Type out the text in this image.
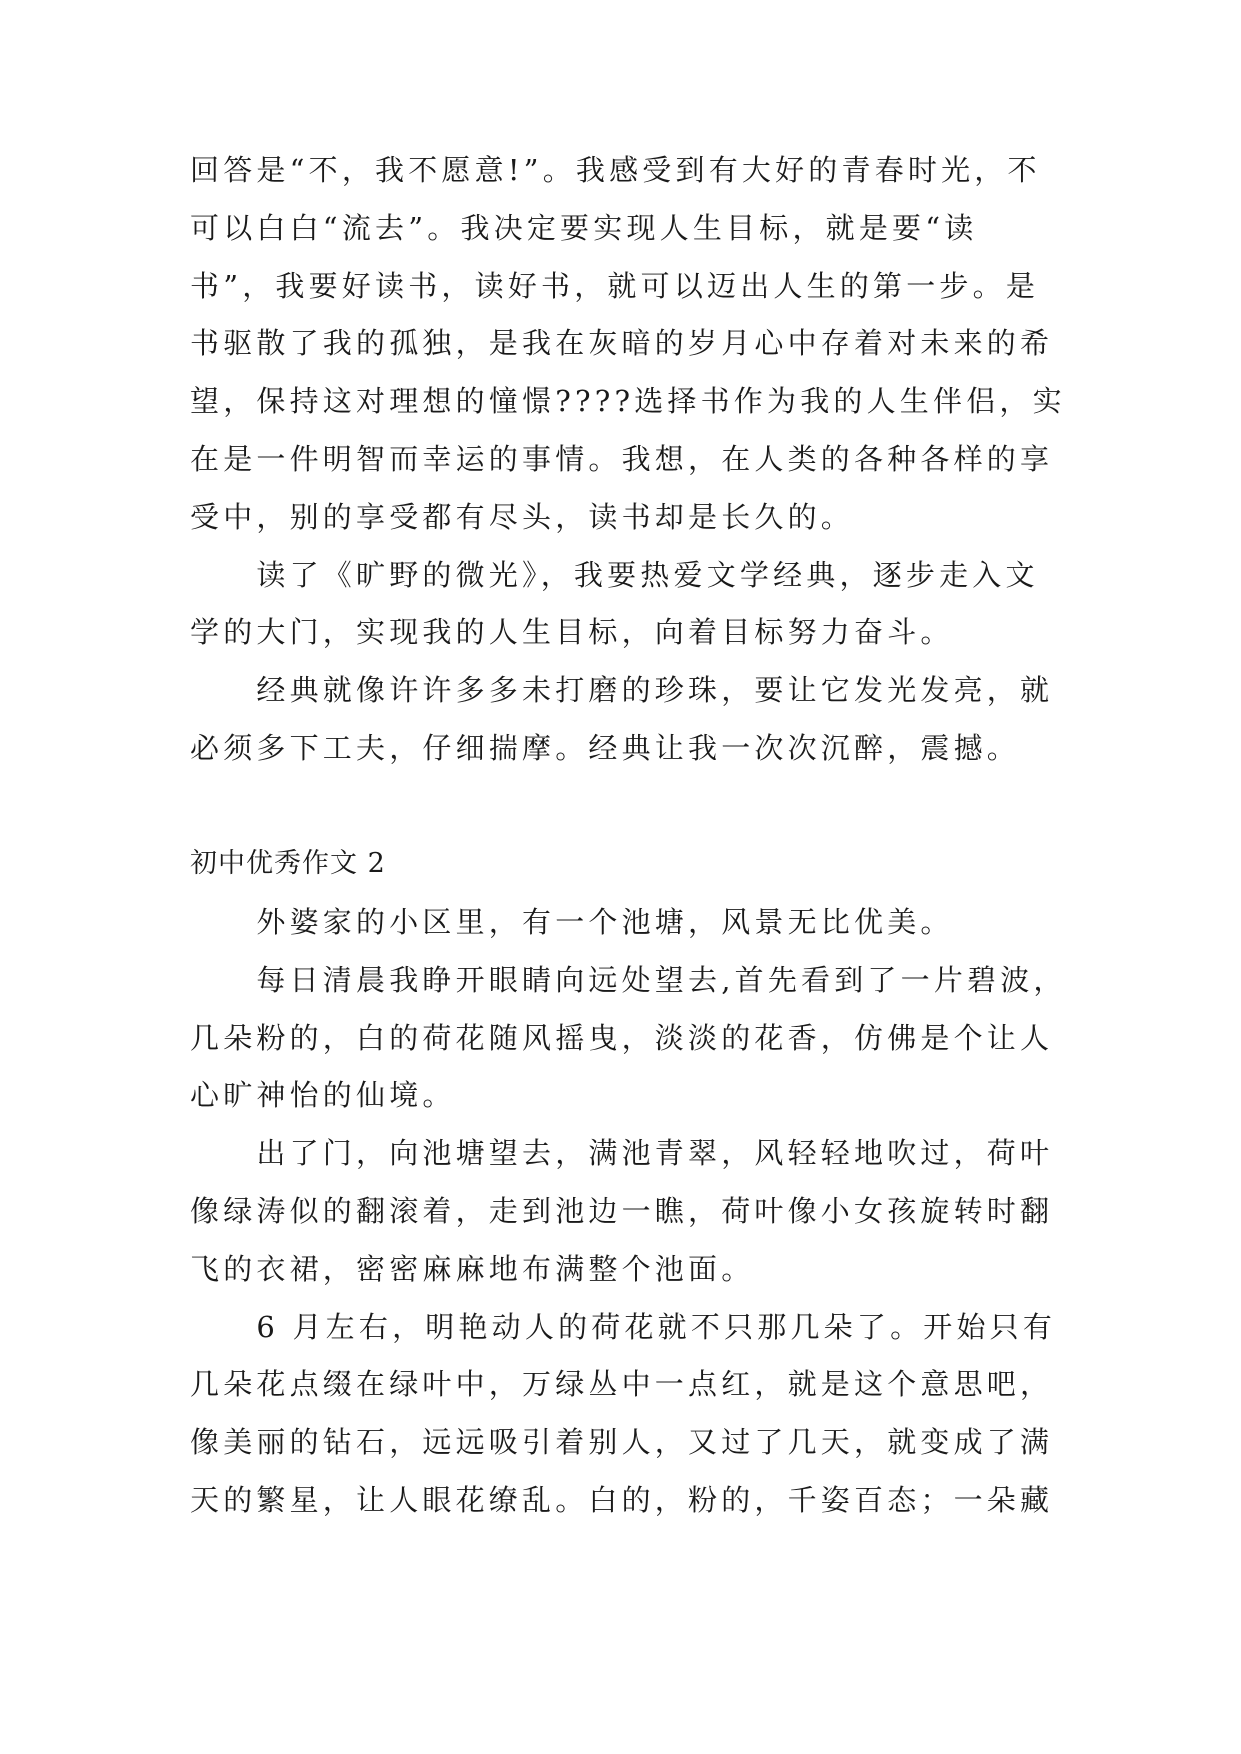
回答是“不，我不愿意!”。我感受到有大好的青春时光，不
可以白白“流去”。我决定要实现人生目标，就是要“读
书”，我要好读书，读好书，就可以迈出人生的第一步。是
书驱散了我的孤独，是我在灰暗的岁月心中存着对未来的希
望，保持这对理想的憧憬????选择书作为我的人生伴侣，实
在是一件明智而幸运的事情。我想，在人类的各种各样的享
受中，别的享受都有尽头，读书却是长久的。
　　读了《旷野的微光》，我要热爱文学经典，逐步走入文
学的大门，实现我的人生目标，向着目标努力奋斗。
　　经典就像许许多多未打磨的珍珠，要让它发光发亮，就
必须多下工夫，仔细揣摩。经典让我一次次沉醉，震撼。
初中优秀作文 2
　　外婆家的小区里，有一个池塘，风景无比优美。
　　每日清晨我睁开眼睛向远处望去,首先看到了一片碧波，
几朵粉的，白的荷花随风摇曳，淡淡的花香，仿佛是个让人
心旷神怡的仙境。
　　出了门，向池塘望去，满池青翠，风轻轻地吹过，荷叶
像绿涛似的翻滚着，走到池边一瞧，荷叶像小女孩旋转时翻
飞的衣裙，密密麻麻地布满整个池面。
　　6 月左右，明艳动人的荷花就不只那几朵了。开始只有
几朵花点缀在绿叶中，万绿丛中一点红，就是这个意思吧，
像美丽的钻石，远远吸引着别人，又过了几天，就变成了满
天的繁星，让人眼花缭乱。白的，粉的，千姿百态；一朵藏
